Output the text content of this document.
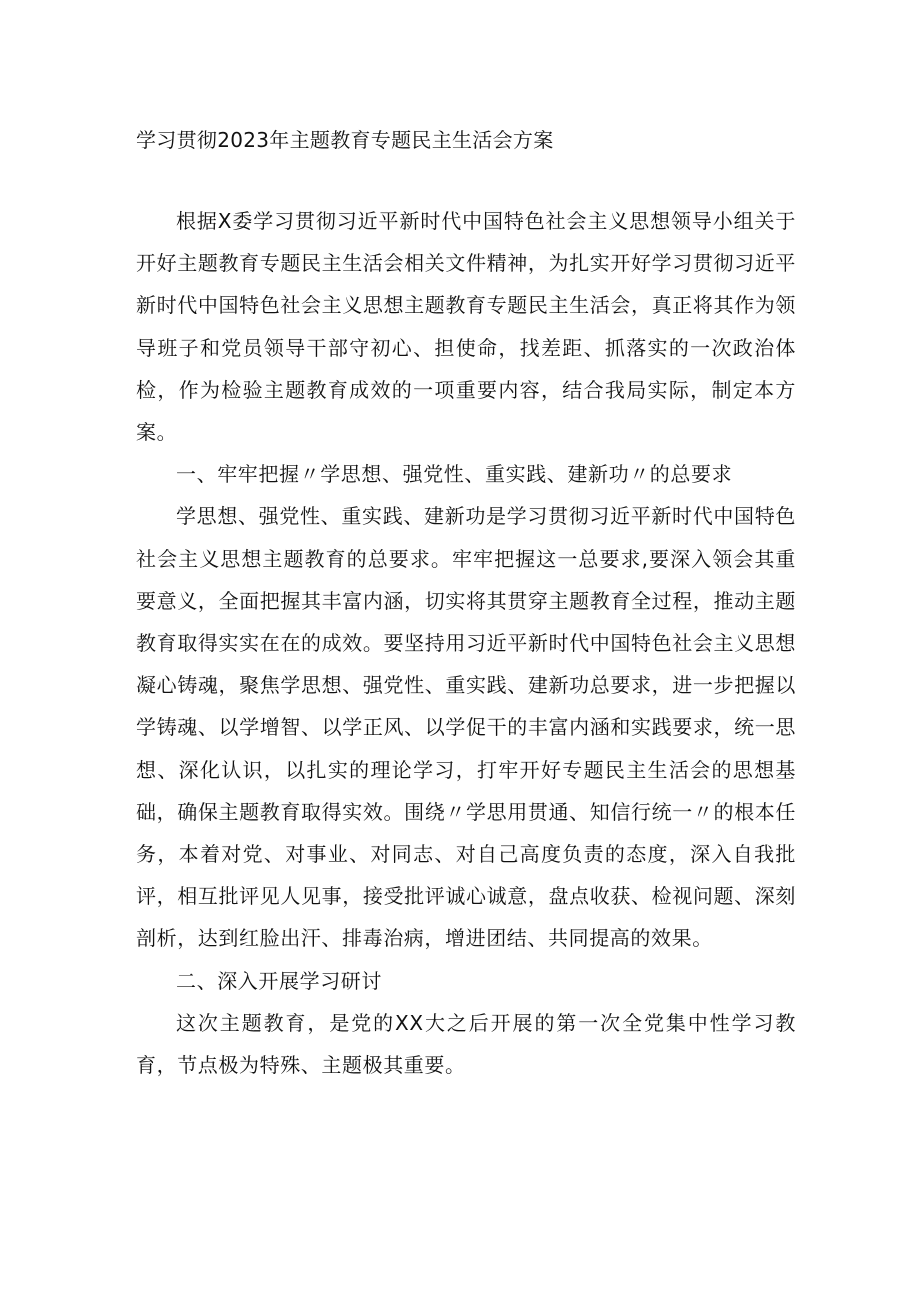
学习贯彻2023年主题教育专题民主生活会方案

根据X委学习贯彻习近平新时代中国特色社会主义思想领导小组关于开好主题教育专题民主生活会相关文件精神，为扎实开好学习贯彻习近平新时代中国特色社会主义思想主题教育专题民主生活会，真正将其作为领导班子和党员领导干部守初心、担使命，找差距、抓落实的一次政治体检，作为检验主题教育成效的一项重要内容，结合我局实际，制定本方案。

一、牢牢把握〃学思想、强党性、重实践、建新功〃的总要求

学思想、强党性、重实践、建新功是学习贯彻习近平新时代中国特色社会主义思想主题教育的总要求。牢牢把握这一总要求,要深入领会其重要意义，全面把握其丰富内涵，切实将其贯穿主题教育全过程，推动主题教育取得实实在在的成效。要坚持用习近平新时代中国特色社会主义思想凝心铸魂，聚焦学思想、强党性、重实践、建新功总要求，进一步把握以学铸魂、以学增智、以学正风、以学促干的丰富内涵和实践要求，统一思想、深化认识，以扎实的理论学习，打牢开好专题民主生活会的思想基础，确保主题教育取得实效。围绕〃学思用贯通、知信行统一〃的根本任务，本着对党、对事业、对同志、对自己高度负责的态度，深入自我批评，相互批评见人见事，接受批评诚心诚意，盘点收获、检视问题、深刻剖析，达到红脸出汗、排毒治病，增进团结、共同提高的效果。

二、深入开展学习研讨

这次主题教育，是党的XX大之后开展的第一次全党集中性学习教育，节点极为特殊、主题极其重要。
